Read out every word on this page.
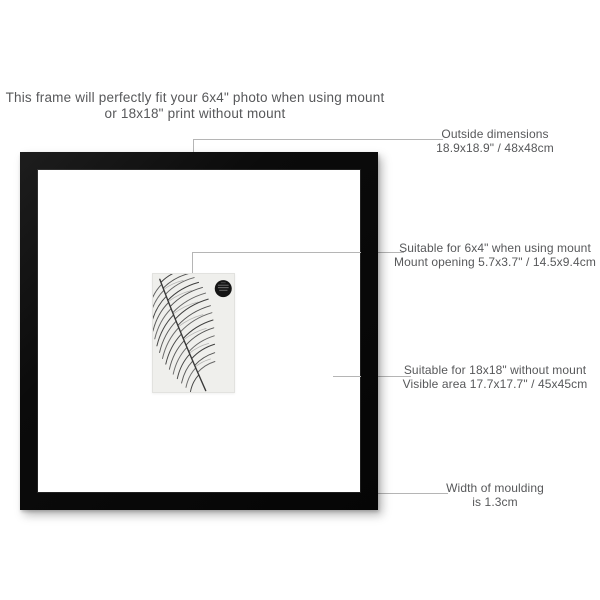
This frame will perfectly fit your 6x4" photo when using mount
or 18x18" print without mount
Outside dimensions
18.9x18.9" / 48x48cm
Suitable for 6x4" when using mount
Mount opening 5.7x3.7" / 14.5x9.4cm
Suitable for 18x18" without mount
Visible area 17.7x17.7" / 45x45cm
Width of moulding
is 1.3cm
